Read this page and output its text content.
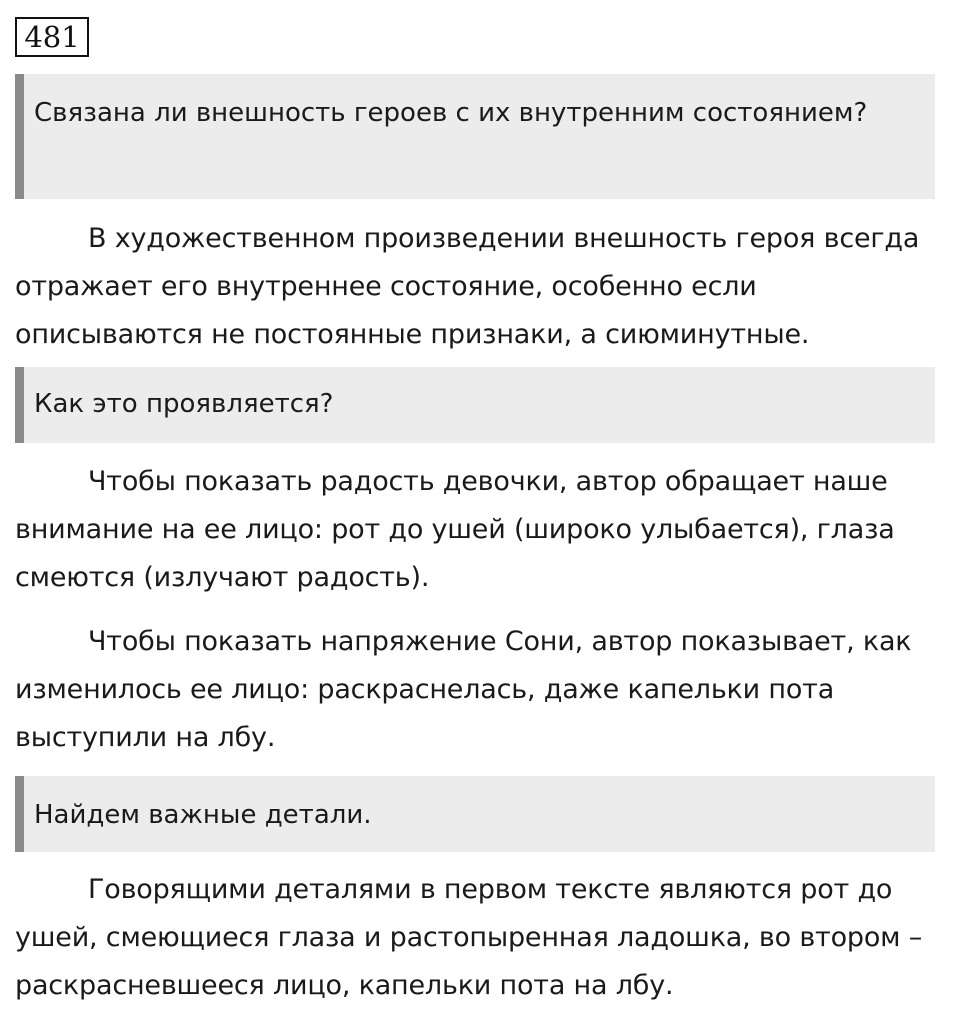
481
Связана ли внешность героев с их внутренним состоянием?

В художественном произведении внешность героя всегда отражает его внутреннее состояние, особенно если описываются не постоянные признаки, а сиюминутные.

Как это проявляется?

Чтобы показать радость девочки, автор обращает наше внимание на ее лицо: рот до ушей (широко улыбается), глаза смеются (излучают радость).

Чтобы показать напряжение Сони, автор показывает, как изменилось ее лицо: раскраснелась, даже капельки пота выступили на лбу.

Найдем важные детали.

Говорящими деталями в первом тексте являются рот до ушей, смеющиеся глаза и растопыренная ладошка, во втором – раскрасневшееся лицо, капельки пота на лбу.
